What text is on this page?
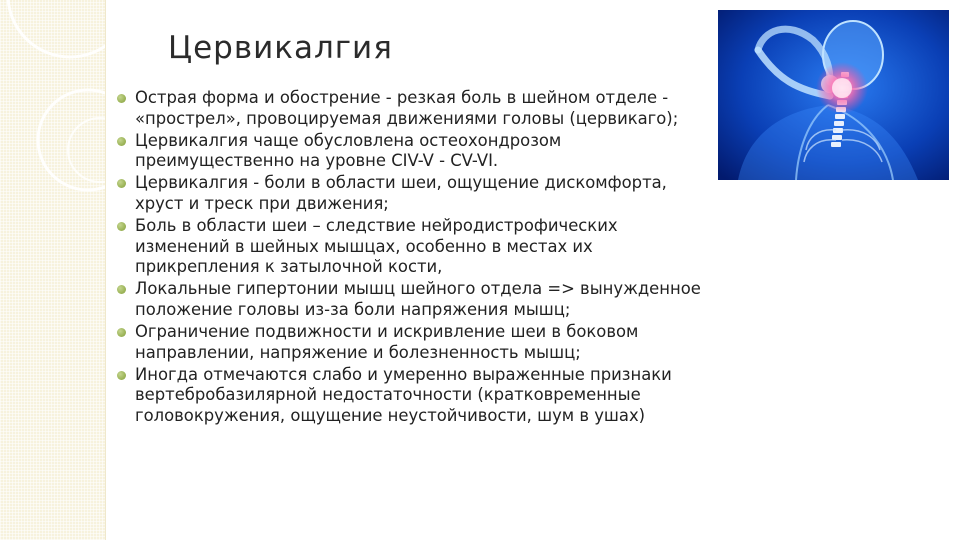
Цервикалгия
Острая форма и обострение - резкая боль в шейном отделе -
«прострел», провоцируемая движениями головы (цервикаго);
Цервикалгия чаще обусловлена остеохондрозом
преимущественно на уровне СIV-V - СV-VI.
Цервикалгия - боли в области шеи, ощущение дискомфорта,
хруст и треск при движения;
Боль в области шеи – следствие нейродистрофических
изменений в шейных мышцах, особенно в местах их
прикрепления к затылочной кости,
Локальные гипертонии мышц шейного отдела => вынужденное
положение головы из-за боли напряжения мышц;
Ограничение подвижности и искривление шеи в боковом
направлении, напряжение и болезненность мышц;
Иногда отмечаются слабо и умеренно выраженные признаки
вертебробазилярной недостаточности (кратковременные
головокружения, ощущение неустойчивости, шум в ушах)
